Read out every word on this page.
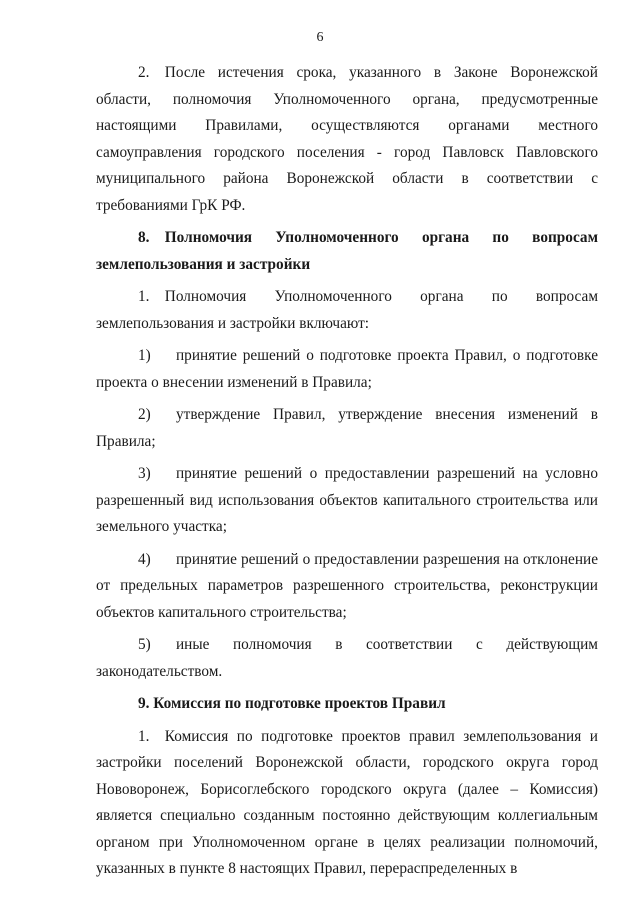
6

2. После истечения срока, указанного в Законе Воронежской области, полномочия Уполномоченного органа, предусмотренные настоящими Правилами, осуществляются органами местного самоуправления городского поселения - город Павловск Павловского муниципального района Воронежской области в соответствии с требованиями ГрК РФ.

8. Полномочия Уполномоченного органа по вопросам землепользования и застройки

1. Полномочия Уполномоченного органа по вопросам землепользования и застройки включают:

1) принятие решений о подготовке проекта Правил, о подготовке проекта о внесении изменений в Правила;

2) утверждение Правил, утверждение внесения изменений в Правила;

3) принятие решений о предоставлении разрешений на условно разрешенный вид использования объектов капитального строительства или земельного участка;

4) принятие решений о предоставлении разрешения на отклонение от предельных параметров разрешенного строительства, реконструкции объектов капитального строительства;

5) иные полномочия в соответствии с действующим законодательством.

9. Комиссия по подготовке проектов Правил

1. Комиссия по подготовке проектов правил землепользования и застройки поселений Воронежской области, городского округа город Нововоронеж, Борисоглебского городского округа (далее – Комиссия) является специально созданным постоянно действующим коллегиальным органом при Уполномоченном органе в целях реализации полномочий, указанных в пункте 8 настоящих Правил, перераспределенных в
